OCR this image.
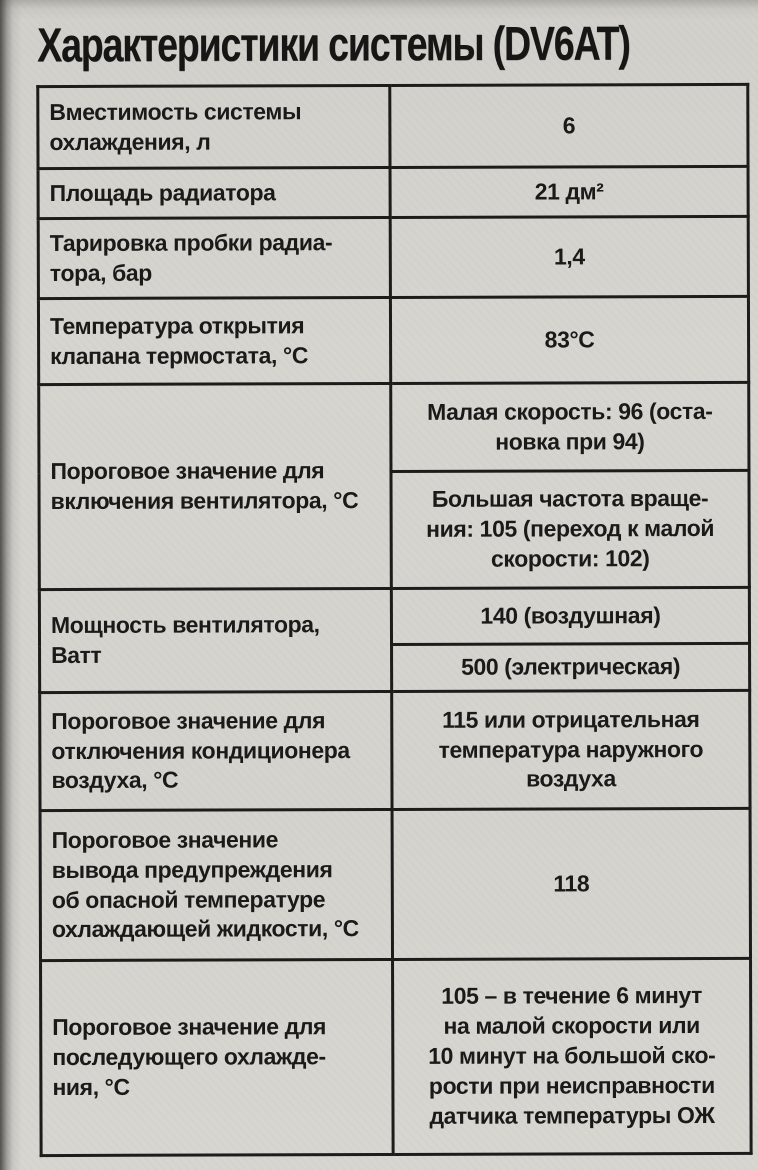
Характеристики системы (DV6AT)
Вместимость системы
охлаждения, л	6
Площадь радиатора	21 дм²
Тарировка пробки радиа-
тора, бар	1,4
Температура открытия
клапана термостата, °С	83°С
Пороговое значение для
включения вентилятора, °С	Малая скорость: 96 (оста-
новка при 94)
	Большая частота враще-
ния: 105 (переход к малой
скорости: 102)
Мощность вентилятора,
Ватт	140 (воздушная)
	500 (электрическая)
Пороговое значение для
отключения кондиционера
воздуха, °С	115 или отрицательная
температура наружного
воздуха
Пороговое значение
вывода предупреждения
об опасной температуре
охлаждающей жидкости, °С	118
Пороговое значение для
последующего охлажде-
ния, °С	105 – в течение 6 минут
на малой скорости или
10 минут на большой ско-
рости при неисправности
датчика температуры ОЖ
